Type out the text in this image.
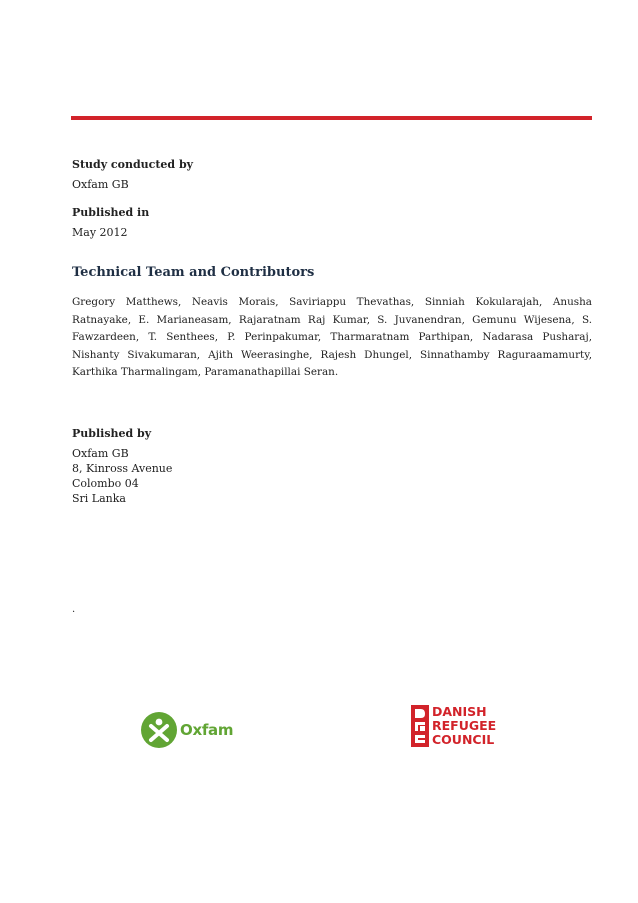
Study conducted by

Oxfam GB

Published in

May 2012

Technical Team and Contributors

Gregory Matthews, Neavis Morais, Saviriappu Thevathas, Sinniah Kokularajah, Anusha Ratnayake, E. Marianeasam, Rajaratnam Raj Kumar, S. Juvanendran, Gemunu Wijesena, S. Fawzardeen, T. Senthees, P. Perinpakumar, Tharmaratnam Parthipan, Nadarasa Pusharaj, Nishanty Sivakumaran, Ajith Weerasinghe, Rajesh Dhungel, Sinnathamby Raguraamamurty, Karthika Tharmalingam, Paramanathapillai Seran.

Published by

Oxfam GB

8, Kinross Avenue

Colombo 04

Sri Lanka

.
Oxfam
DANISH
REFUGEE
COUNCIL
